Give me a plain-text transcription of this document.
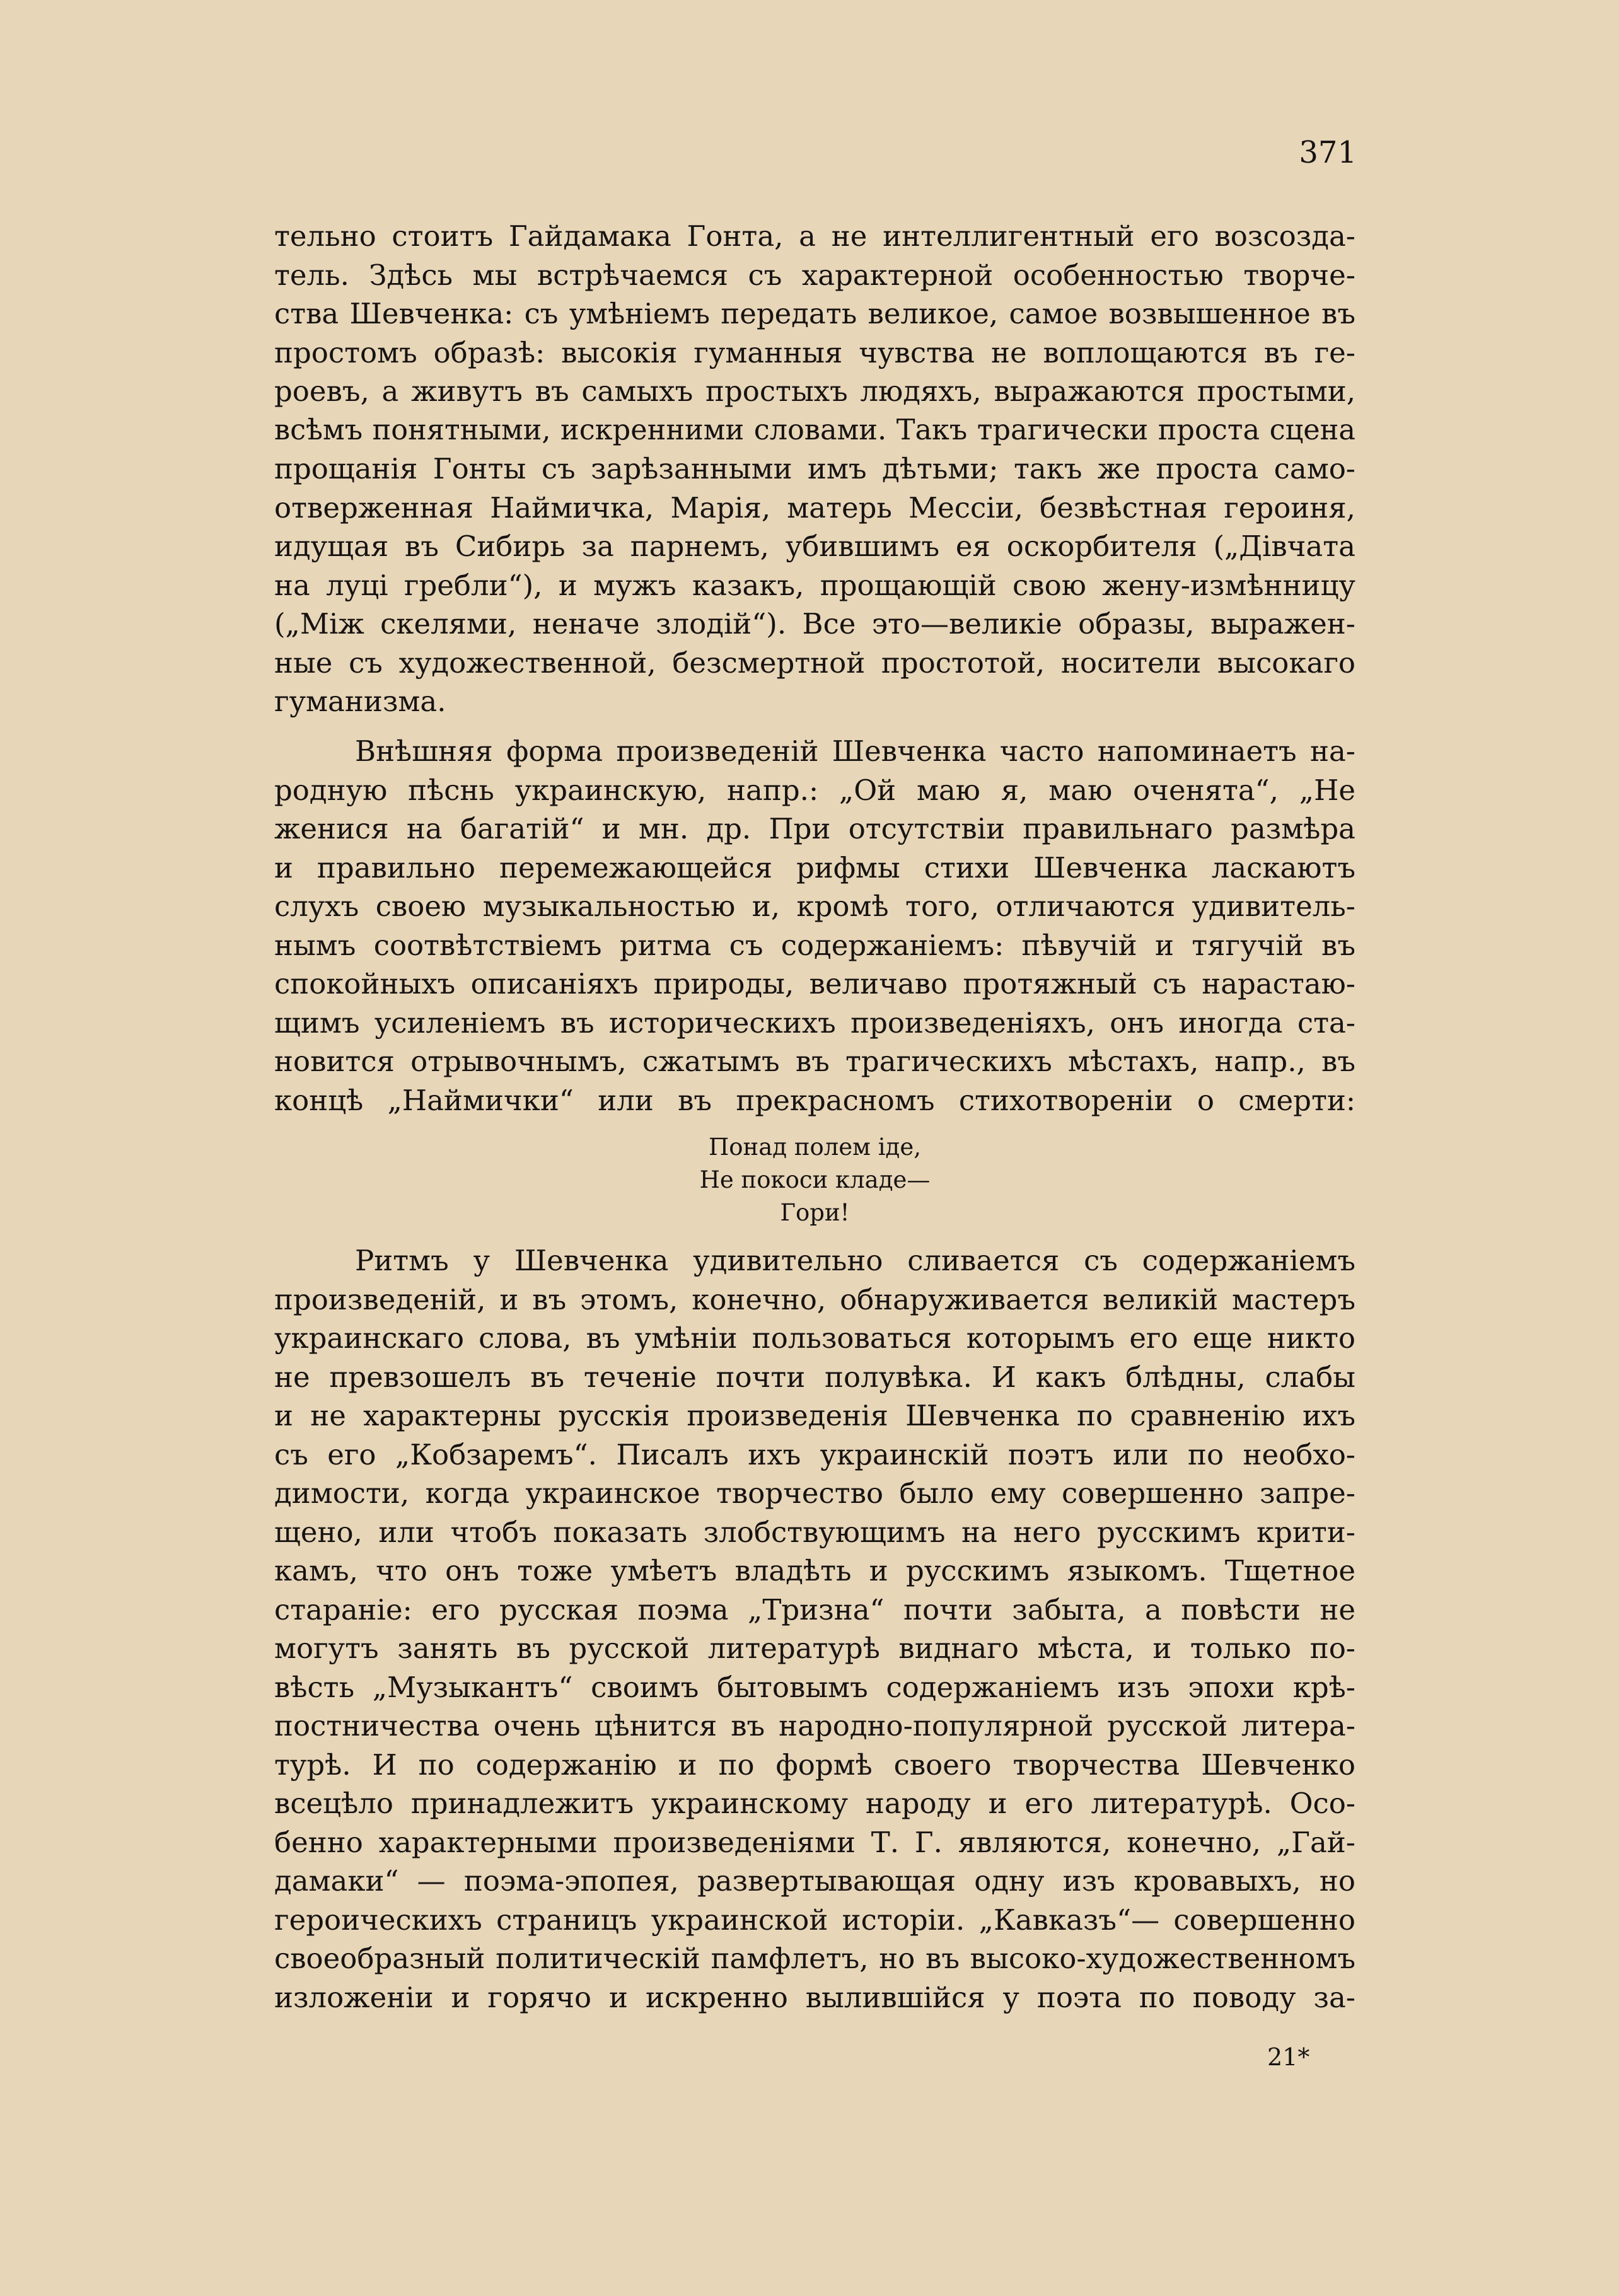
371
тельно стоитъ Гайдамака Гонта, а не интеллигентный его возсозда-
тель. Здѣсь мы встрѣчаемся съ характерной особенностью творче-
ства Шевченка: съ умѣніемъ передать великое, самое возвышенное въ
простомъ образѣ: высокія гуманныя чувства не воплощаются въ ге-
роевъ, а живутъ въ самыхъ простыхъ людяхъ, выражаются простыми,
всѣмъ понятными, искренними словами. Такъ трагически проста сцена
прощанія Гонты съ зарѣзанными имъ дѣтьми; такъ же проста само-
отверженная Наймичка, Марія, матерь Мессіи, безвѣстная героиня,
идущая въ Сибирь за парнемъ, убившимъ ея оскорбителя („Дівчата
на луці гребли“), и мужъ казакъ, прощающій свою жену-измѣнницу
(„Між скелями, неначе злодій“). Все это—великіе образы, выражен-
ные съ художественной, безсмертной простотой, носители высокаго
гуманизма.
Внѣшняя форма произведеній Шевченка часто напоминаетъ на-
родную пѣснь украинскую, напр.: „Ой маю я, маю оченята“, „Не
женися на багатій“ и мн. др. При отсутствіи правильнаго размѣра
и правильно перемежающейся рифмы стихи Шевченка ласкаютъ
слухъ своею музыкальностью и, кромѣ того, отличаются удивитель-
нымъ соотвѣтствіемъ ритма съ содержаніемъ: пѣвучій и тягучій въ
спокойныхъ описаніяхъ природы, величаво протяжный съ нарастаю-
щимъ усиленіемъ въ историческихъ произведеніяхъ, онъ иногда ста-
новится отрывочнымъ, сжатымъ въ трагическихъ мѣстахъ, напр., въ
концѣ „Наймички“ или въ прекрасномъ стихотвореніи о смерти:
Понад полем іде,
Не покоси кладе—
Гори!
Ритмъ у Шевченка удивительно сливается съ содержаніемъ
произведеній, и въ этомъ, конечно, обнаруживается великій мастеръ
украинскаго слова, въ умѣніи пользоваться которымъ его еще никто
не превзошелъ въ теченіе почти полувѣка. И какъ блѣдны, слабы
и не характерны русскія произведенія Шевченка по сравненію ихъ
съ его „Кобзаремъ“. Писалъ ихъ украинскій поэтъ или по необхо-
димости, когда украинское творчество было ему совершенно запре-
щено, или чтобъ показать злобствующимъ на него русскимъ крити-
камъ, что онъ тоже умѣетъ владѣть и русскимъ языкомъ. Тщетное
стараніе: его русская поэма „Тризна“ почти забыта, а повѣсти не
могутъ занять въ русской литературѣ виднаго мѣста, и только по-
вѣсть „Музыкантъ“ своимъ бытовымъ содержаніемъ изъ эпохи крѣ-
постничества очень цѣнится въ народно-популярной русской литера-
турѣ. И по содержанію и по формѣ своего творчества Шевченко
всецѣло принадлежитъ украинскому народу и его литературѣ. Осо-
бенно характерными произведеніями Т. Г. являются, конечно, „Гай-
дамаки“ — поэма-эпопея, развертывающая одну изъ кровавыхъ, но
героическихъ страницъ украинской исторіи. „Кавказъ“— совершенно
своеобразный политическій памфлетъ, но въ высоко-художественномъ
изложеніи и горячо и искренно вылившійся у поэта по поводу за-
21*
